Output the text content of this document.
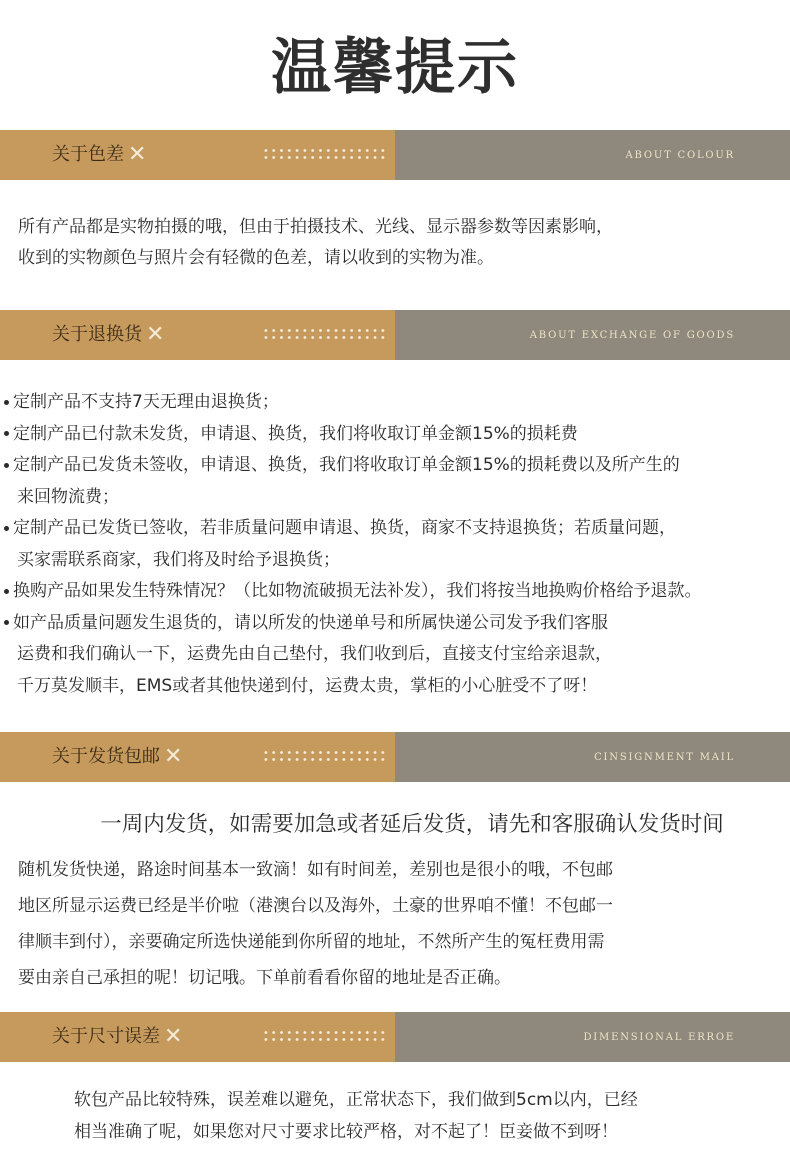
温馨提示
关于色差 ✕	ABOUT COLOUR

所有产品都是实物拍摄的哦，但由于拍摄技术、光线、显示器参数等因素影响，

收到的实物颜色与照片会有轻微的色差，请以收到的实物为准。

关于退换货 ✕	ABOUT EXCHANGE OF GOODS
定制产品不支持7天无理由退换货；
定制产品已付款未发货，申请退、换货，我们将收取订单金额15%的损耗费
定制产品已发货未签收，申请退、换货，我们将收取订单金额15%的损耗费以及所产生的
来回物流费；
定制产品已发货已签收，若非质量问题申请退、换货，商家不支持退换货；若质量问题，
买家需联系商家，我们将及时给予退换货；
换购产品如果发生特殊情况？（比如物流破损无法补发），我们将按当地换购价格给予退款。
如产品质量问题发生退货的，请以所发的快递单号和所属快递公司发予我们客服
运费和我们确认一下，运费先由自己垫付，我们收到后，直接支付宝给亲退款，
千万莫发顺丰，EMS或者其他快递到付，运费太贵，掌柜的小心脏受不了呀！
关于发货包邮 ✕	CINSIGNMENT MAIL
一周内发货，如需要加急或者延后发货，请先和客服确认发货时间

随机发货快递，路途时间基本一致滴！如有时间差，差别也是很小的哦，不包邮

地区所显示运费已经是半价啦（港澳台以及海外，土豪的世界咱不懂！不包邮一

律顺丰到付），亲要确定所选快递能到你所留的地址，不然所产生的冤枉费用需

要由亲自己承担的呢！切记哦。下单前看看你留的地址是否正确。

关于尺寸误差 ✕	DIMENSIONAL ERROE

软包产品比较特殊，误差难以避免，正常状态下，我们做到5cm以内，已经

相当准确了呢，如果您对尺寸要求比较严格，对不起了！臣妾做不到呀！
